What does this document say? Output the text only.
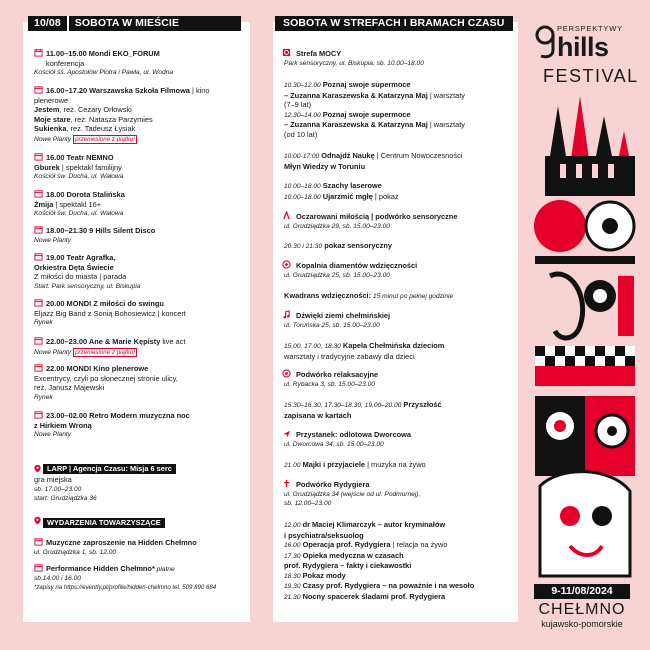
10/08 SOBOTA W MIEŚCIE
11.00–15.00 Mondi EKO_FORUM
konferencja
Kościół śś. Apostołów Piotra i Pawła, ul. Wodna
16.00–17.20 Warszawska Szkoła Filmowa | kino
plenerowe
Jestem, reż. Cezary Orłowski
Moje stare, reż. Natasza Parzymies
Sukienka, reż. Tadeusz Łysiak
Nowe Planty przeniesione z piątku!
16.00 Teatr NEMNO
Gburek | spektakl familijny
Kościół św. Ducha, ul. Wałowa
18.00 Dorota Stalińska
Żmija | spektakl 16+
Kościół św. Ducha, ul. Wałowa
18.00–21.30 9 Hills Silent Disco
Nowe Planty
19.00 Teatr Agrafka,
Orkiestra Dęta Świecie
Z miłości do miasta | parada
Start: Park sensoryczny, ul. Biskupia
20.00 MONDI Z miłości do swingu
Eljazz Big Band z Sonią Bohosiewicz | koncert
Rynek
22.00–23.00 Ane & Marie Kępisty live act
Nowe Planty przeniesione z piątku!
22.00 MONDI Kino plenerowe
Excentrycy, czyli po słonecznej stronie ulicy,
reż. Janusz Majewski
Rynek
23.00–02.00 Retro Modern muzyczna noc
z Hirkiem Wroną
Nowe Planty
LARP | Agencja Czasu: Misja 6 serc
gra miejska
sb. 17.00–23.00
start: Grudziądzka 36
WYDARZENIA TOWARZYSZĄCE
Muzyczne zaproszenie na Hidden Chełmno
ul. Grudziądzka 1, sb. 12.00
Performance Hidden Chełmno* płatne
sb.14.00 i 16.00
*zapisy na https://evently.pl/profile/hidden-chelmno tel. 509 890 684
SOBOTA W STREFACH I BRAMACH CZASU
Strefa MOCY
Park sensoryczny, ul. Biskupia, sb. 10.00–18.00
10.30–12.00 Poznaj swoje supermoce
– Zuzanna Karaszewska & Katarzyna Maj | warsztaty
(7–9 lat)
12.30–14.00 Poznaj swoje supermoce
– Zuzanna Karaszewska & Katarzyna Maj | warsztaty
(od 10 lat)
10:00-17:00 Odnajdź Naukę | Centrum Nowoczesności
Młyn Wiedzy w Toruniu
10.00–18.00 Szachy laserowe
10.00–18.00 Ujarzmić mgłę | pokaz
Oczarowani miłością | podwórko sensoryczne
ul. Grudziądzka 29, sb. 15.00–23.00
20.30 i 21.30 pokaz sensoryczny
Kopalnia diamentów wdzięczności
ul. Grudziądzka 25, sb. 15.00–23.00
Kwadrans wdzięczności: 15 minut po pełnej godzinie
Dźwięki ziemi chełmińskiej
ul. Toruńska 25, sb. 15.00–23.00
15.00, 17.00, 18.30 Kapela Chełmińska dzieciom
warsztaty i tradycyjne zabawy dla dzieci
Podwórko relaksacyjne
ul. Rybacka 3, sb. 15.00–23.00
15.30–16.30, 17.30–18.30, 19.00–20.00 Przyszłość
zapisana w kartach
Przystanek: odlotowa Dworcowa
ul. Dworcowa 34, sb. 15.00–23.00
21.00 Majki i przyjaciele | muzyka na żywo
Podwórko Rydygiera
ul. Grudziądzka 34 (wejście od ul. Podmurnej),
sb. 12.00–23.00
12.00 dr Maciej Klimarczyk – autor kryminałów
i psychiatra/seksuolog
16.00 Operacja prof. Rydygiera | relacja na żywo
17.30 Opieka medyczna w czasach
prof. Rydygiera – fakty i ciekawostki
18.30 Pokaz mody
19.30 Czasy prof. Rydygiera – na poważnie i na wesoło
21.30 Nocny spacerek śladami prof. Rydygiera
PERSPEKTYWY
hills
FESTIVAL
9-11/08/2024
CHEŁMNO
kujawsko-pomorskie
